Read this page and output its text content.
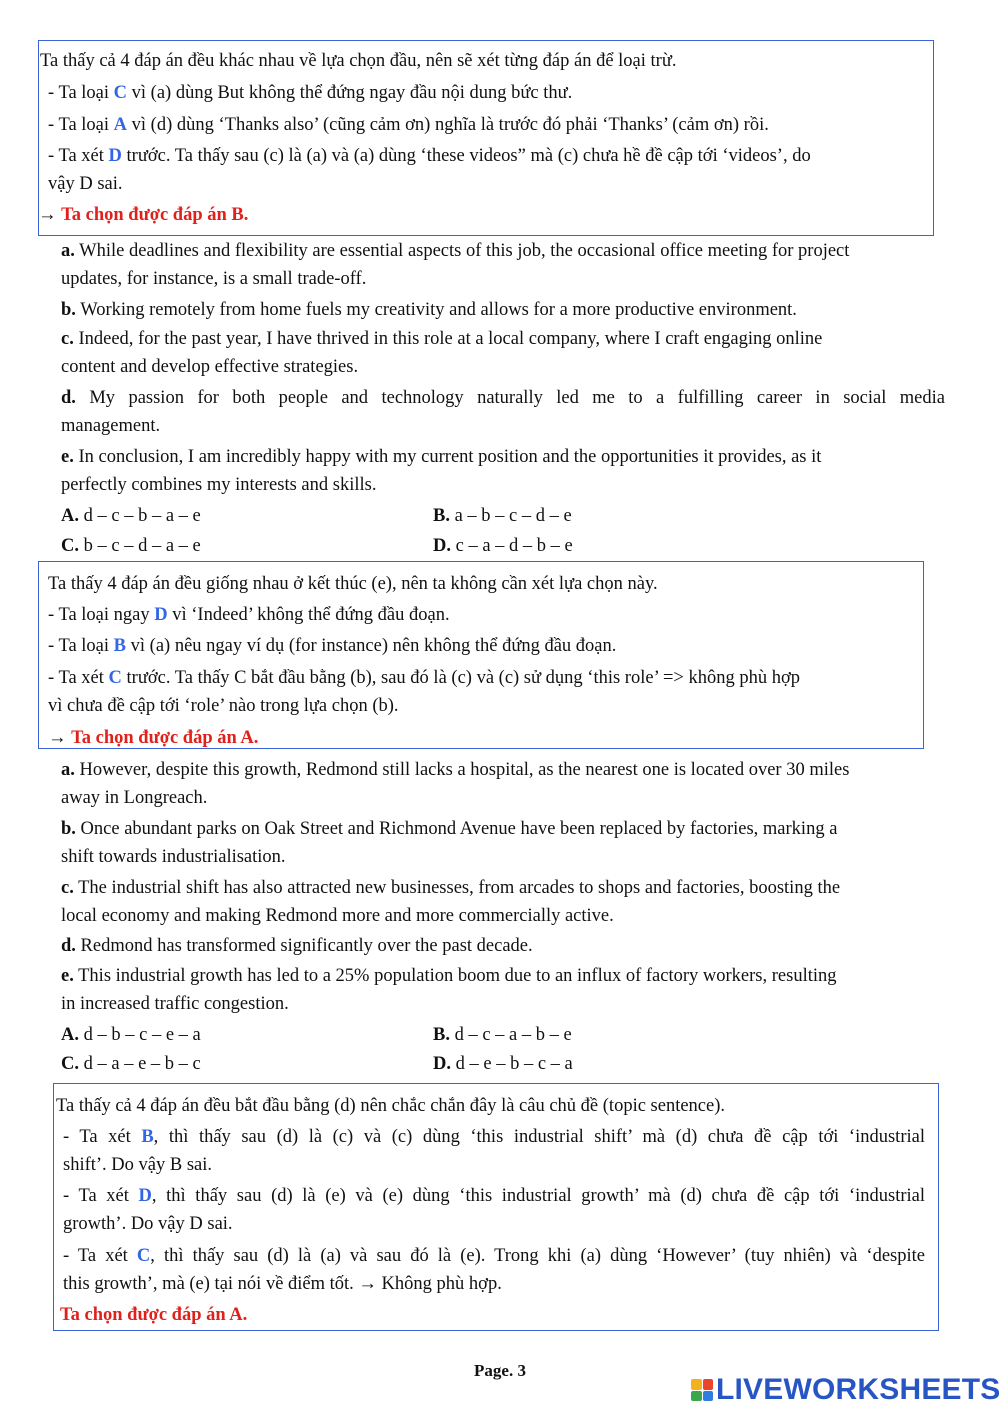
Ta thấy cả 4 đáp án đều khác nhau về lựa chọn đầu, nên sẽ xét từng đáp án để loại trừ.
- Ta loại C vì (a) dùng But không thể đứng ngay đầu nội dung bức thư.
- Ta loại A vì (d) dùng ‘Thanks also’ (cũng cảm ơn) nghĩa là trước đó phải ‘Thanks’ (cảm ơn) rồi.
- Ta xét D trước. Ta thấy sau (c) là (a) và (a) dùng ‘these videos” mà (c) chưa hề đề cập tới ‘videos’, do
vậy D sai.
→ Ta chọn được đáp án B.
a. While deadlines and flexibility are essential aspects of this job, the occasional office meeting for project
updates, for instance, is a small trade-off.
b. Working remotely from home fuels my creativity and allows for a more productive environment.
c. Indeed, for the past year, I have thrived in this role at a local company, where I craft engaging online
content and develop effective strategies.
d. My passion for both people and technology naturally led me to a fulfilling career in social media
management.
e. In conclusion, I am incredibly happy with my current position and the opportunities it provides, as it
perfectly combines my interests and skills.
A. d – c – b – a – e	B. a – b – c – d – e
C. b – c – d – a – e	D. c – a – d – b – e
Ta thấy 4 đáp án đều giống nhau ở kết thúc (e), nên ta không cần xét lựa chọn này.
- Ta loại ngay D vì ‘Indeed’ không thể đứng đầu đoạn.
- Ta loại B vì (a) nêu ngay ví dụ (for instance) nên không thể đứng đầu đoạn.
- Ta xét C trước. Ta thấy C bắt đầu bằng (b), sau đó là (c) và (c) sử dụng ‘this role’ => không phù hợp
vì chưa đề cập tới ‘role’ nào trong lựa chọn (b).
→ Ta chọn được đáp án A.
a. However, despite this growth, Redmond still lacks a hospital, as the nearest one is located over 30 miles
away in Longreach.
b. Once abundant parks on Oak Street and Richmond Avenue have been replaced by factories, marking a
shift towards industrialisation.
c. The industrial shift has also attracted new businesses, from arcades to shops and factories, boosting the
local economy and making Redmond more and more commercially active.
d. Redmond has transformed significantly over the past decade.
e. This industrial growth has led to a 25% population boom due to an influx of factory workers, resulting
in increased traffic congestion.
A. d – b – c – e – a	B. d – c – a – b – e
C. d – a – e – b – c	D. d – e – b – c – a
Ta thấy cả 4 đáp án đều bắt đầu bằng (d) nên chắc chắn đây là câu chủ đề (topic sentence).
- Ta xét B, thì thấy sau (d) là (c) và (c) dùng ‘this industrial shift’ mà (d) chưa đề cập tới ‘industrial
shift’. Do vậy B sai.
- Ta xét D, thì thấy sau (d) là (e) và (e) dùng ‘this industrial growth’ mà (d) chưa đề cập tới ‘industrial
growth’. Do vậy D sai.
- Ta xét C, thì thấy sau (d) là (a) và sau đó là (e). Trong khi (a) dùng ‘However’ (tuy nhiên) và ‘despite
this growth’, mà (e) tại nói về điểm tốt. → Không phù hợp.
Ta chọn được đáp án A.
Page. 3
LIVEWORKSHEETS
